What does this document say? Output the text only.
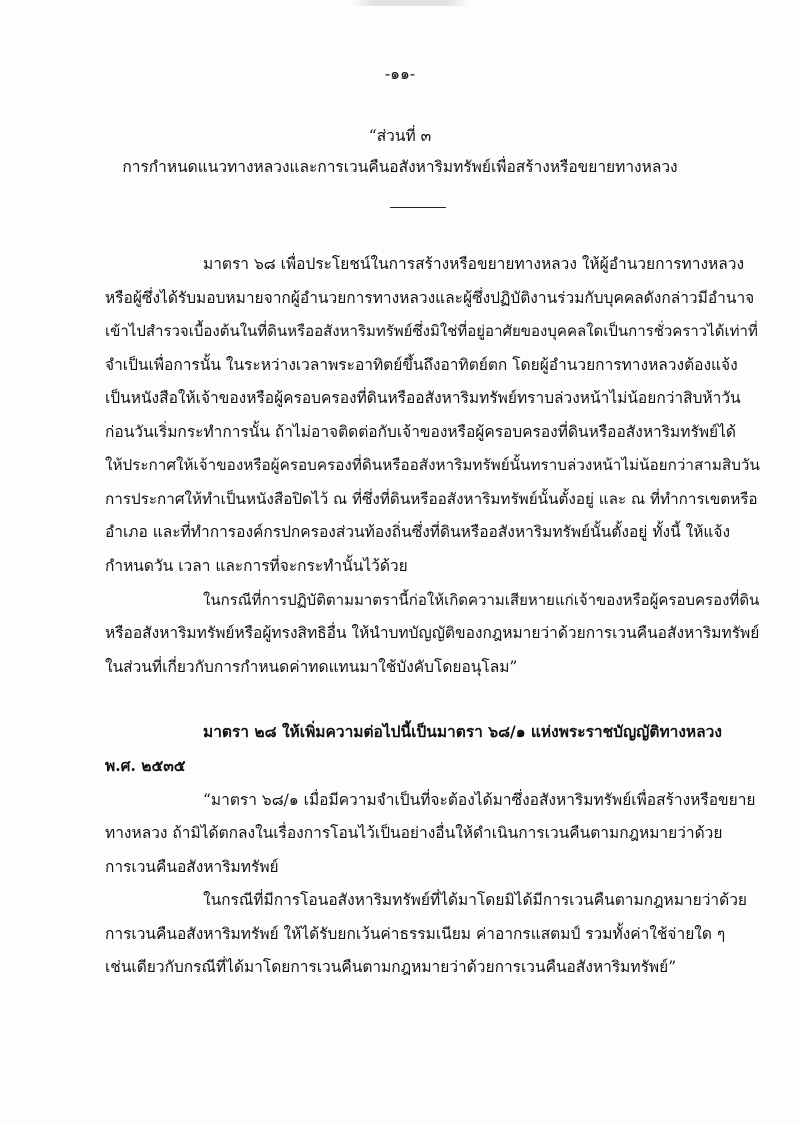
-๑๑-
“ส่วนที่ ๓
การกำหนดแนวทางหลวงและการเวนคืนอสังหาริมทรัพย์เพื่อสร้างหรือขยายทางหลวง
มาตรา ๖๘ เพื่อประโยชน์ในการสร้างหรือขยายทางหลวง ให้ผู้อำนวยการทางหลวง
หรือผู้ซึ่งได้รับมอบหมายจากผู้อำนวยการทางหลวงและผู้ซึ่งปฏิบัติงานร่วมกับบุคคลดังกล่าวมีอำนาจ
เข้าไปสำรวจเบื้องต้นในที่ดินหรืออสังหาริมทรัพย์ซึ่งมิใช่ที่อยู่อาศัยของบุคคลใดเป็นการชั่วคราวได้เท่าที่
จำเป็นเพื่อการนั้น ในระหว่างเวลาพระอาทิตย์ขึ้นถึงอาทิตย์ตก โดยผู้อำนวยการทางหลวงต้องแจ้ง
เป็นหนังสือให้เจ้าของหรือผู้ครอบครองที่ดินหรืออสังหาริมทรัพย์ทราบล่วงหน้าไม่น้อยกว่าสิบห้าวัน
ก่อนวันเริ่มกระทำการนั้น ถ้าไม่อาจติดต่อกับเจ้าของหรือผู้ครอบครองที่ดินหรืออสังหาริมทรัพย์ได้
ให้ประกาศให้เจ้าของหรือผู้ครอบครองที่ดินหรืออสังหาริมทรัพย์นั้นทราบล่วงหน้าไม่น้อยกว่าสามสิบวัน
การประกาศให้ทำเป็นหนังสือปิดไว้ ณ ที่ซึ่งที่ดินหรืออสังหาริมทรัพย์นั้นตั้งอยู่ และ ณ ที่ทำการเขตหรือ
อำเภอ และที่ทำการองค์กรปกครองส่วนท้องถิ่นซึ่งที่ดินหรืออสังหาริมทรัพย์นั้นตั้งอยู่ ทั้งนี้ ให้แจ้ง
กำหนดวัน เวลา และการที่จะกระทำนั้นไว้ด้วย
ในกรณีที่การปฏิบัติตามมาตรานี้ก่อให้เกิดความเสียหายแก่เจ้าของหรือผู้ครอบครองที่ดิน
หรืออสังหาริมทรัพย์หรือผู้ทรงสิทธิอื่น ให้นำบทบัญญัติของกฎหมายว่าด้วยการเวนคืนอสังหาริมทรัพย์
ในส่วนที่เกี่ยวกับการกำหนดค่าทดแทนมาใช้บังคับโดยอนุโลม”
มาตรา ๒๘ ให้เพิ่มความต่อไปนี้เป็นมาตรา ๖๘/๑ แห่งพระราชบัญญัติทางหลวง
พ.ศ. ๒๕๓๕
“มาตรา ๖๘/๑ เมื่อมีความจำเป็นที่จะต้องได้มาซึ่งอสังหาริมทรัพย์เพื่อสร้างหรือขยาย
ทางหลวง ถ้ามิได้ตกลงในเรื่องการโอนไว้เป็นอย่างอื่นให้ดำเนินการเวนคืนตามกฎหมายว่าด้วย
การเวนคืนอสังหาริมทรัพย์
ในกรณีที่มีการโอนอสังหาริมทรัพย์ที่ได้มาโดยมิได้มีการเวนคืนตามกฎหมายว่าด้วย
การเวนคืนอสังหาริมทรัพย์ ให้ได้รับยกเว้นค่าธรรมเนียม ค่าอากรแสตมป์ รวมทั้งค่าใช้จ่ายใด ๆ
เช่นเดียวกับกรณีที่ได้มาโดยการเวนคืนตามกฎหมายว่าด้วยการเวนคืนอสังหาริมทรัพย์”
